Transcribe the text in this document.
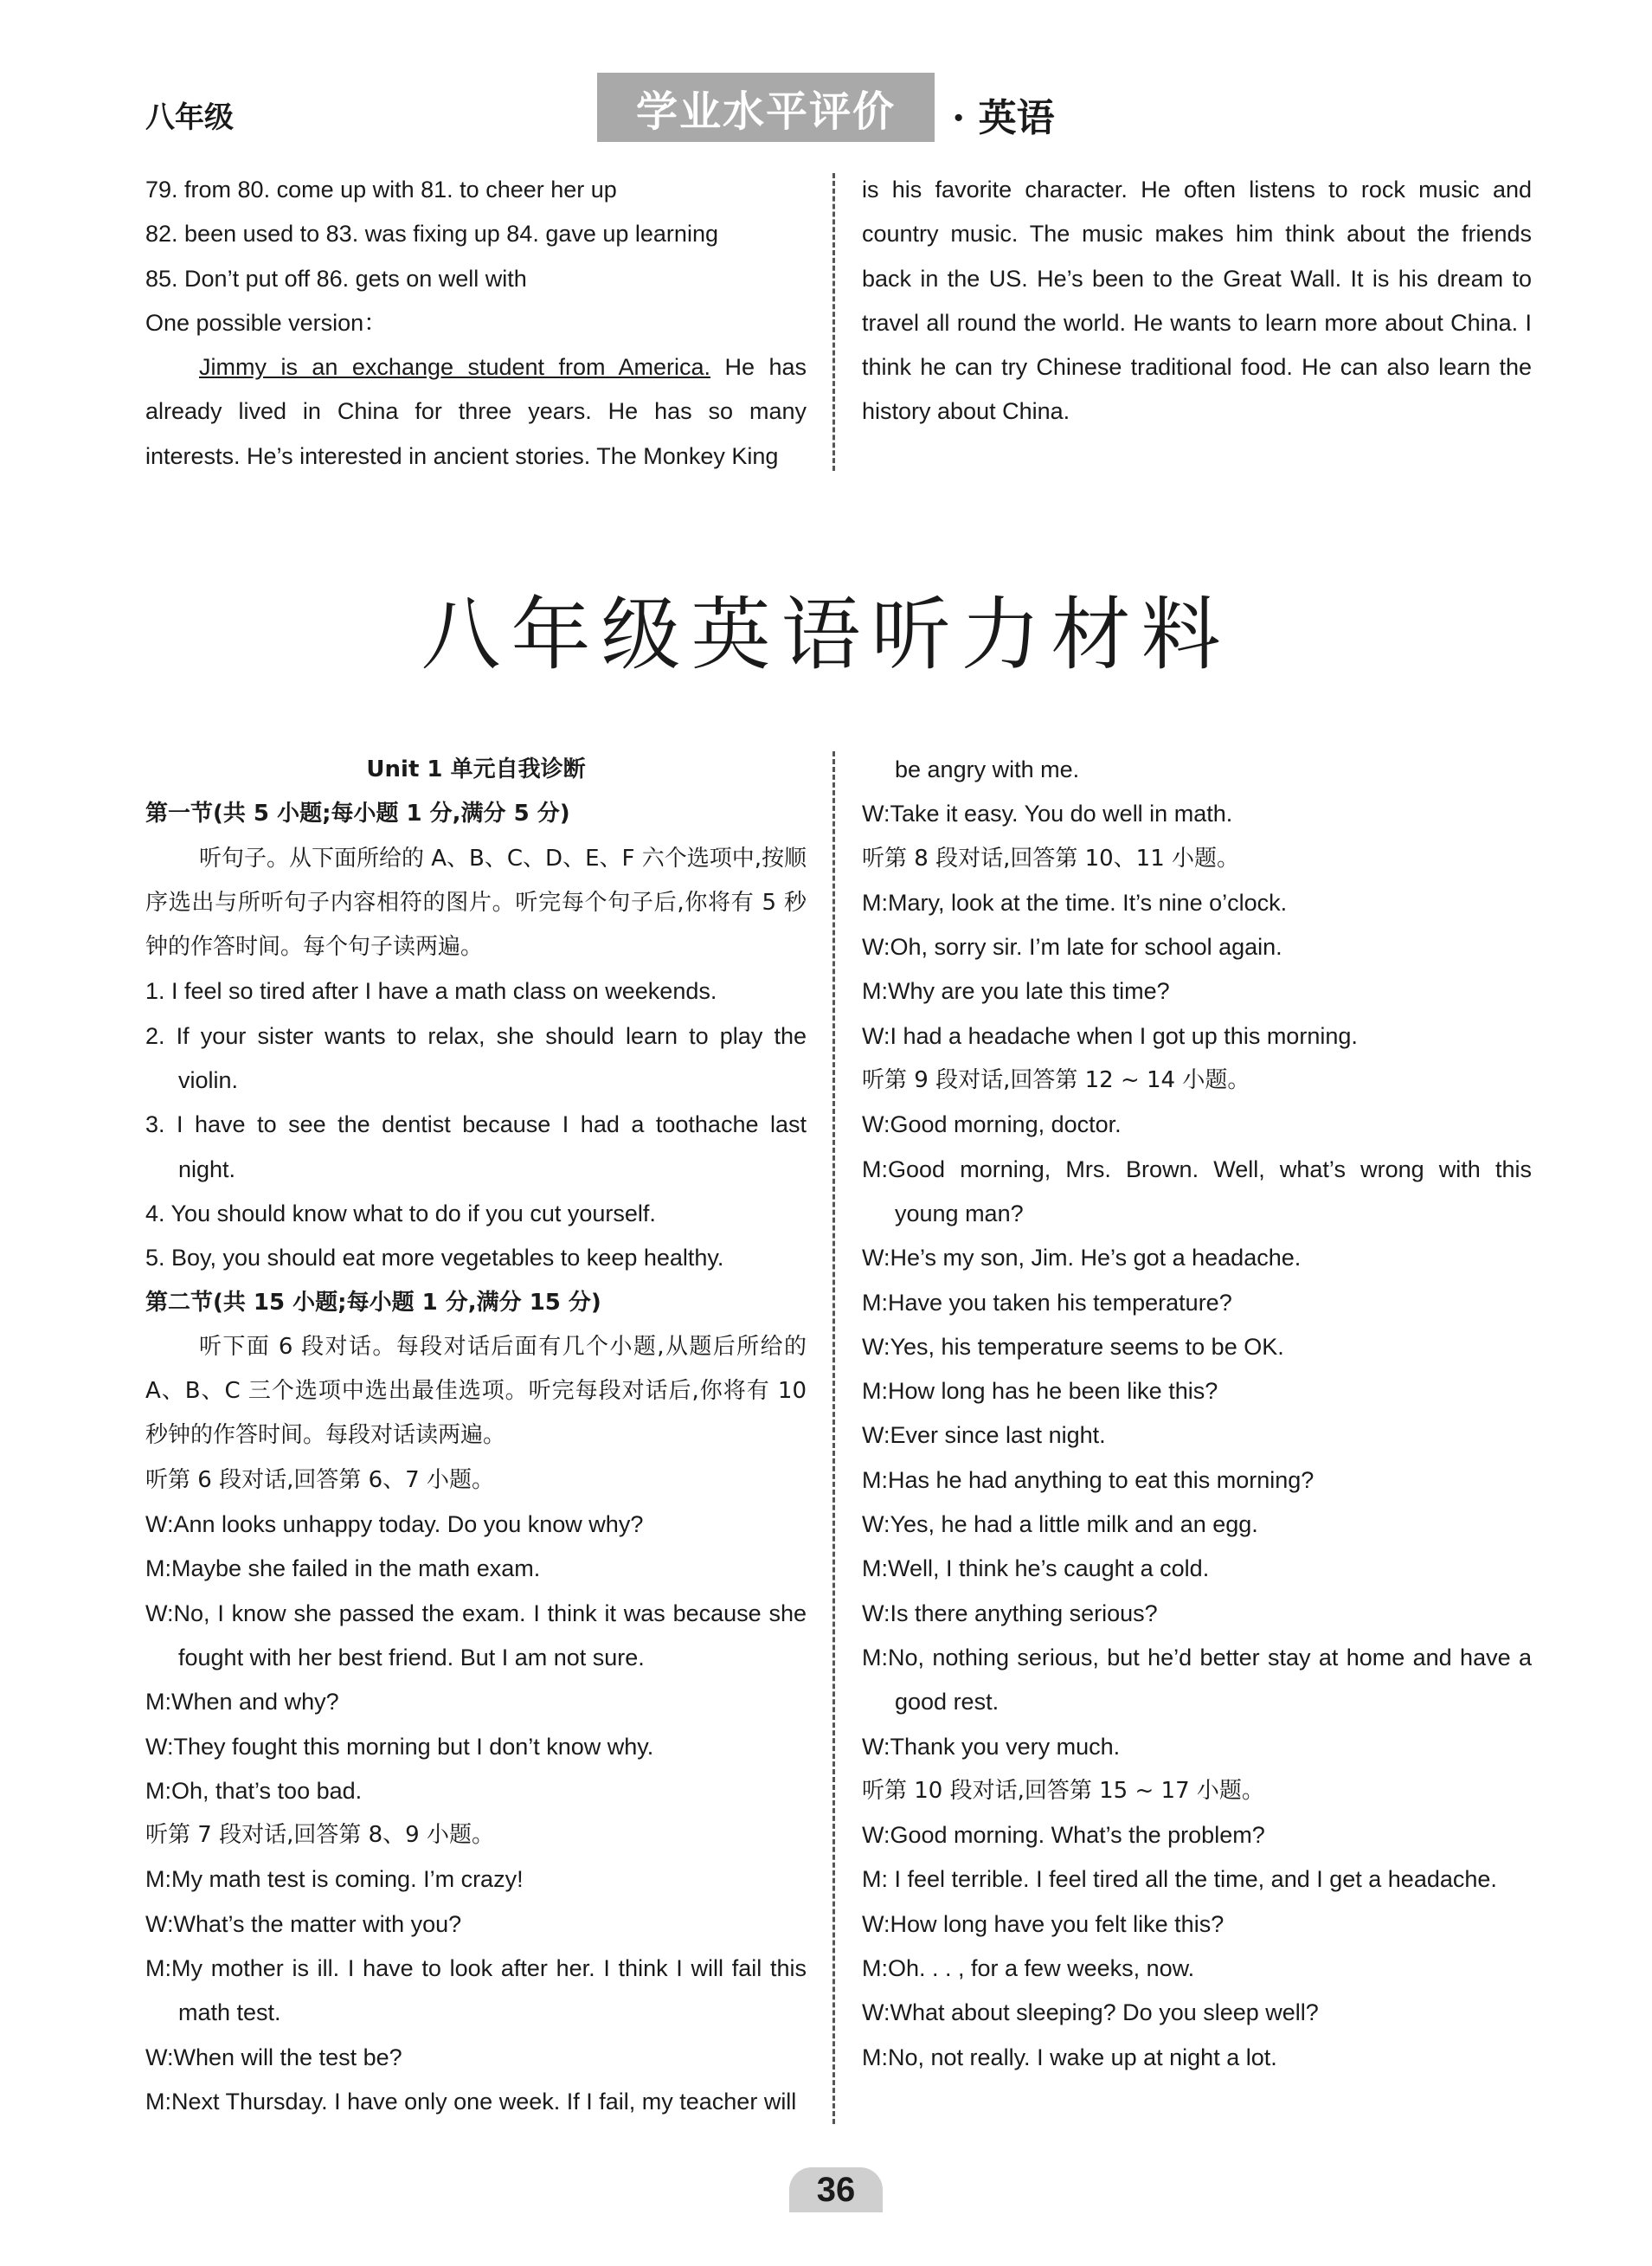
八年级	学业水平评价	· 英语

79. from 80. come up with 81. to cheer her up

82. been used to 83. was fixing up 84. gave up learning

85. Don’t put off 86. gets on well with

One possible version：

Jimmy is an exchange student from America. He has already lived in China for three years. He has so many interests. He’s interested in ancient stories. The Monkey King

is his favorite character. He often listens to rock music and country music. The music makes him think about the friends back in the US. He’s been to the Great Wall. It is his dream to travel all round the world. He wants to learn more about China. I think he can try Chinese traditional food. He can also learn the history about China.

八年级英语听力材料

Unit 1 单元自我诊断

第一节(共 5 小题;每小题 1 分,满分 5 分)

听句子。从下面所给的 A、B、C、D、E、F 六个选项中,按顺序选出与所听句子内容相符的图片。听完每个句子后,你将有 5 秒钟的作答时间。每个句子读两遍。

1. I feel so tired after I have a math class on weekends.

2. If your sister wants to relax, she should learn to play the violin.

3. I have to see the dentist because I had a toothache last night.

4. You should know what to do if you cut yourself.

5. Boy, you should eat more vegetables to keep healthy.

第二节(共 15 小题;每小题 1 分,满分 15 分)

听下面 6 段对话。每段对话后面有几个小题,从题后所给的 A、B、C 三个选项中选出最佳选项。听完每段对话后,你将有 10 秒钟的作答时间。每段对话读两遍。

听第 6 段对话,回答第 6、7 小题。

W:Ann looks unhappy today. Do you know why?

M:Maybe she failed in the math exam.

W:No, I know she passed the exam. I think it was because she fought with her best friend. But I am not sure.

M:When and why?

W:They fought this morning but I don’t know why.

M:Oh, that’s too bad.

听第 7 段对话,回答第 8、9 小题。

M:My math test is coming. I’m crazy!

W:What’s the matter with you?

M:My mother is ill. I have to look after her. I think I will fail this math test.

W:When will the test be?

M:Next Thursday. I have only one week. If I fail, my teacher will

be angry with me.

W:Take it easy. You do well in math.

听第 8 段对话,回答第 10、11 小题。

M:Mary, look at the time. It’s nine o’clock.

W:Oh, sorry sir. I’m late for school again.

M:Why are you late this time?

W:I had a headache when I got up this morning.

听第 9 段对话,回答第 12 ~ 14 小题。

W:Good morning, doctor.

M:Good morning, Mrs. Brown. Well, what’s wrong with this young man?

W:He’s my son, Jim. He’s got a headache.

M:Have you taken his temperature?

W:Yes, his temperature seems to be OK.

M:How long has he been like this?

W:Ever since last night.

M:Has he had anything to eat this morning?

W:Yes, he had a little milk and an egg.

M:Well, I think he’s caught a cold.

W:Is there anything serious?

M:No, nothing serious, but he’d better stay at home and have a good rest.

W:Thank you very much.

听第 10 段对话,回答第 15 ~ 17 小题。

W:Good morning. What’s the problem?

M: I feel terrible. I feel tired all the time, and I get a headache.

W:How long have you felt like this?

M:Oh. . . , for a few weeks, now.

W:What about sleeping? Do you sleep well?

M:No, not really. I wake up at night a lot.

36
